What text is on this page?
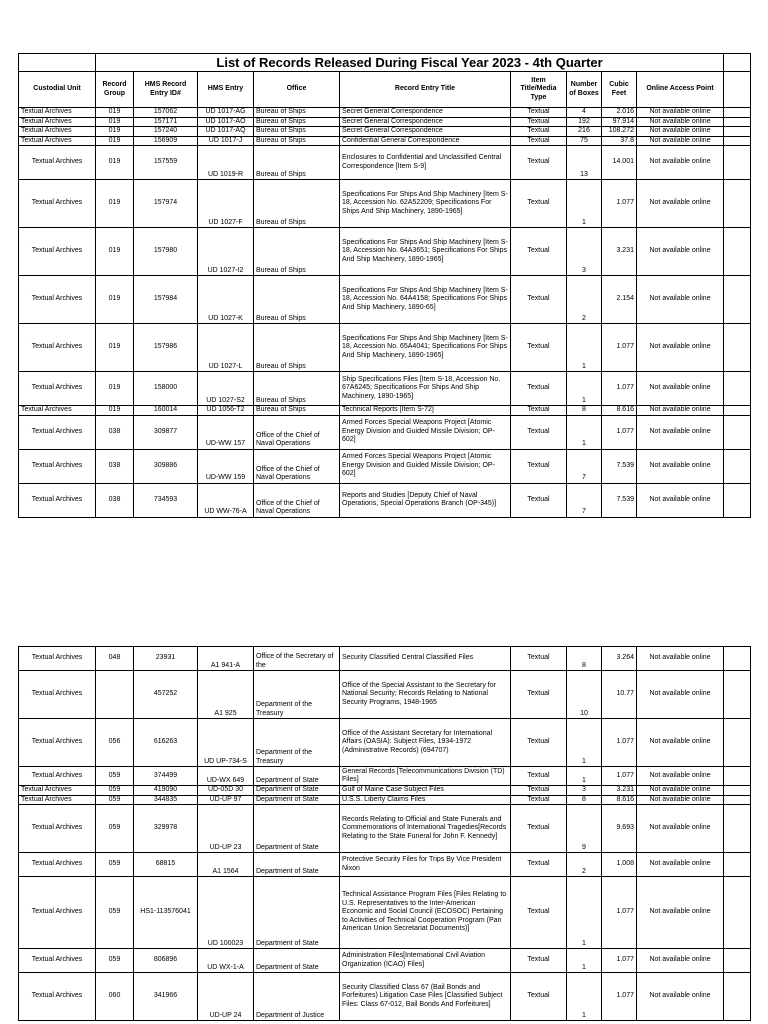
	List of Records Released During Fiscal Year 2023 - 4th Quarter									
Custodial Unit	Record Group	HMS Record Entry ID#	HMS Entry	Office	Record Entry Title	Item Title/Media Type	Number of Boxes	Cubic Feet	Online Access Point	
Textual Archives	019	157062	UD 1017-AG	Bureau of Ships	Secret General Correspondence	Textual	4	2.016	Not available online	
Textual Archives	019	157171	UD 1017-AO	Bureau of Ships	Secret General Correspondence	Textual	192	97.914	Not available online	
Textual Archives	019	157240	UD 1017-AQ	Bureau of Ships	Secret General Correspondence	Textual	216	108.272	Not available online	
Textual Archives	019	156909	UD 1017-J	Bureau of Ships	Confidential General Correspondence	Textual	75	37.8	Not available online	
Textual Archives	019	157559	UD 1019-R	Bureau of Ships	Enclosures to Confidential and Unclassified Central Correspondence [Item S-9]	Textual	13	14.001	Not available online	
Textual Archives	019	157974	UD 1027-F	Bureau of Ships	Specifications For Ships And Ship Machinery [Item S-18, Accession No. 62A52209; Specifications For Ships And Ship Machinery, 1890-1965]	Textual	1	1.077	Not available online	
Textual Archives	019	157980	UD 1027-I2	Bureau of Ships	Specifications For Ships And Ship Machinery [Item S-18, Accession No. 64A3651; Specifications For Ships And Ship Machinery, 1890-1965]	Textual	3	3.231	Not available online	
Textual Archives	019	157984	UD 1027-K	Bureau of Ships	Specifications For Ships And Ship Machinery [Item S-18, Accession No. 64A4158; Specifications For Ships And Ship Machinery, 1890-65]	Textual	2	2.154	Not available online	
Textual Archives	019	157986	UD 1027-L	Bureau of Ships	Specifications For Ships And Ship Machinery [Item S-18, Accession No. 65A4041; Specifications For Ships And Ship Machinery, 1890-1965]	Textual	1	1.077	Not available online	
Textual Archives	019	158000	UD 1027-S2	Bureau of Ships	Ship Specifications Files [Item S-18, Accession No. 67A6245; Specifications For Ships And Ship Machinery, 1890-1965]	Textual	1	1.077	Not available online	
Textual Archives	019	160014	UD 1056-T2	Bureau of Ships	Technical Reports [Item S-72]	Textual	8	8.616	Not available online	
Textual Archives	038	309877	UD-WW 157	Office of the Chief of Naval Operations	Armed Forces Special Weapons Project [Atomic Energy Division and Guided Missile Division; OP-602]	Textual	1	1.077	Not available online	
Textual Archives	038	309886	UD-WW 159	Office of the Chief of Naval Operations	Armed Forces Special Weapons Project [Atomic Energy Division and Guided Missile Division; OP-602]	Textual	7	7.539	Not available online	
Textual Archives	038	734593	UD WW-76-A	Office of the Chief of Naval Operations	Reports and Studies [Deputy Chief of Naval Operations, Special Operations Branch (OP-345)]	Textual	7	7.539	Not available online	
Textual Archives	048	23931	A1 941-A	Office of the Secretary of the	Security Classified Central Classified Files	Textual	8	3.264	Not available online	
Textual Archives		457252	A1 925	Department of the Treasury	Office of the Special Assistant to the Secretary for National Security; Records Relating to National Security Programs, 1948-1965	Textual	10	10.77	Not available online	
Textual Archives	056	616263	UD UP-734-S	Department of the Treasury	Office of the Assistant Secretary for International Affairs (OASIA): Subject Files, 1934-1972 (Administrative Records) (694707)	Textual	1	1.077	Not available online	
Textual Archives	059	374499	UD-WX 649	Department of State	General Records [Telecommunications Division (TD) Files]	Textual	1	1.077	Not available online	
Textual Archives	059	419090	UD-05D 30	Department of State	Gulf of Maine Case Subject Files	Textual	3	3.231	Not available online	
Textual Archives	059	344835	UD-UP 97	Department of State	U.S.S. Liberty Claims Files	Textual	8	8.616	Not available online	
Textual Archives	059	329978	UD-UP 23	Department of State	Records Relating to Official and State Funerals and Commemorations of International Tragedies[Records Relating to the State Funeral for John F. Kennedy]	Textual	9	9.693	Not available online	
Textual Archives	059	68815	A1 1564	Department of State	Protective Security Files for Trips By Vice President Nixon	Textual	2	1.008	Not available online	
Textual Archives	059	HS1-113576041	UD 100023	Department of State	Technical Assistance Program Files [Files Relating to U.S. Representatives to the Inter-American Economic and Social Council (ECOSOC) Pertaining to Activities of Technical Cooperation Program (Pan American Union Secretariat Documents)]	Textual	1	1.077	Not available online	
Textual Archives	059	806896	UD WX-1-A	Department of State	Administration Files[International Civil Aviation Organization (ICAO) Files]	Textual	1	1.077	Not available online	
Textual Archives	060	341966	UD-UP 24	Department of Justice	Security Classified Class 67 (Bail Bonds and Forfeitures) Litigation Case Files [Classified Subject Files: Class 67-012, Bail Bonds And Forfeitures]	Textual	1	1.077	Not available online	
